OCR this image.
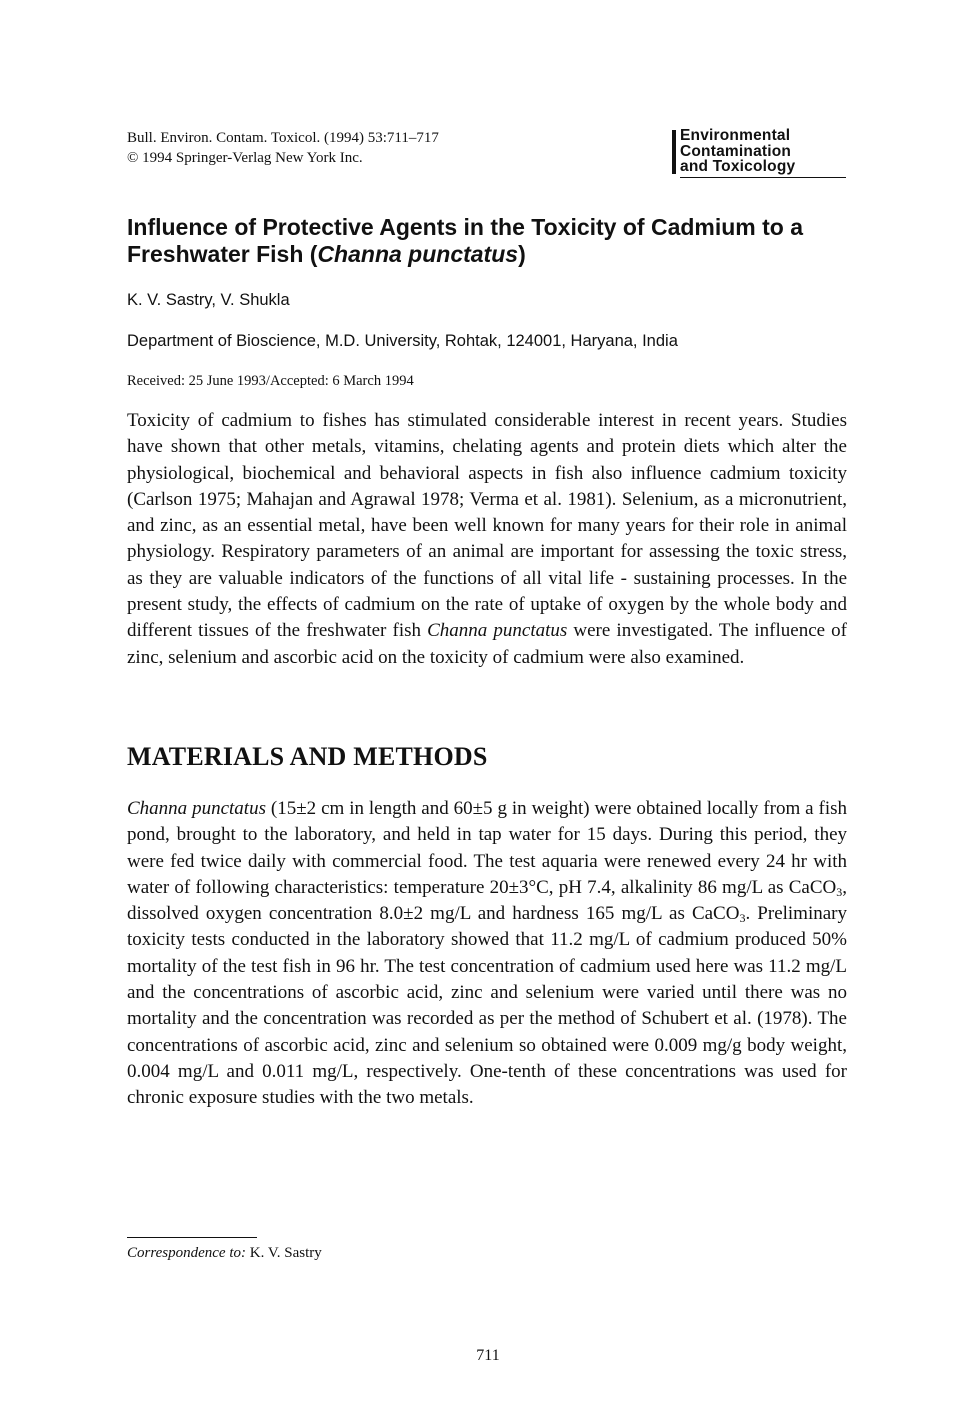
Bull. Environ. Contam. Toxicol. (1994) 53:711–717
© 1994 Springer-Verlag New York Inc.
Environmental
Contamination
and Toxicology
Influence of Protective Agents in the Toxicity of Cadmium to a Freshwater Fish (Channa punctatus)
K. V. Sastry, V. Shukla
Department of Bioscience, M.D. University, Rohtak, 124001, Haryana, India
Received: 25 June 1993/Accepted: 6 March 1994

Toxicity of cadmium to fishes has stimulated considerable interest in recent years. Studies have shown that other metals, vitamins, chelating agents and protein diets which alter the physiological, biochemical and behavioral aspects in fish also influence cadmium toxicity (Carlson 1975; Mahajan and Agrawal 1978; Verma et al. 1981). Selenium, as a micronutrient, and zinc, as an essential metal, have been well known for many years for their role in animal physiology. Respiratory parameters of an animal are important for assessing the toxic stress, as they are valuable indicators of the functions of all vital life - sustaining processes. In the present study, the effects of cadmium on the rate of uptake of oxygen by the whole body and different tissues of the freshwater fish Channa punctatus were investigated. The influence of zinc, selenium and ascorbic acid on the toxicity of cadmium were also examined.

MATERIALS AND METHODS

Channa punctatus (15±2 cm in length and 60±5 g in weight) were obtained locally from a fish pond, brought to the laboratory, and held in tap water for 15 days. During this period, they were fed twice daily with commercial food. The test aquaria were renewed every 24 hr with water of following characteristics: temperature 20±3°C, pH 7.4, alkalinity 86 mg/L as CaCO$_3$, dissolved oxygen concentration 8.0±2 mg/L and hardness 165 mg/L as CaCO$_3$. Preliminary toxicity tests conducted in the laboratory showed that 11.2 mg/L of cadmium produced 50% mortality of the test fish in 96 hr. The test concentration of cadmium used here was 11.2 mg/L and the concentrations of ascorbic acid, zinc and selenium were varied until there was no mortality and the concentration was recorded as per the method of Schubert et al. (1978). The concentrations of ascorbic acid, zinc and selenium so obtained were 0.009 mg/g body weight, 0.004 mg/L and 0.011 mg/L, respectively. One-tenth of these concentrations was used for chronic exposure studies with the two metals.

Correspondence to: K. V. Sastry
711
